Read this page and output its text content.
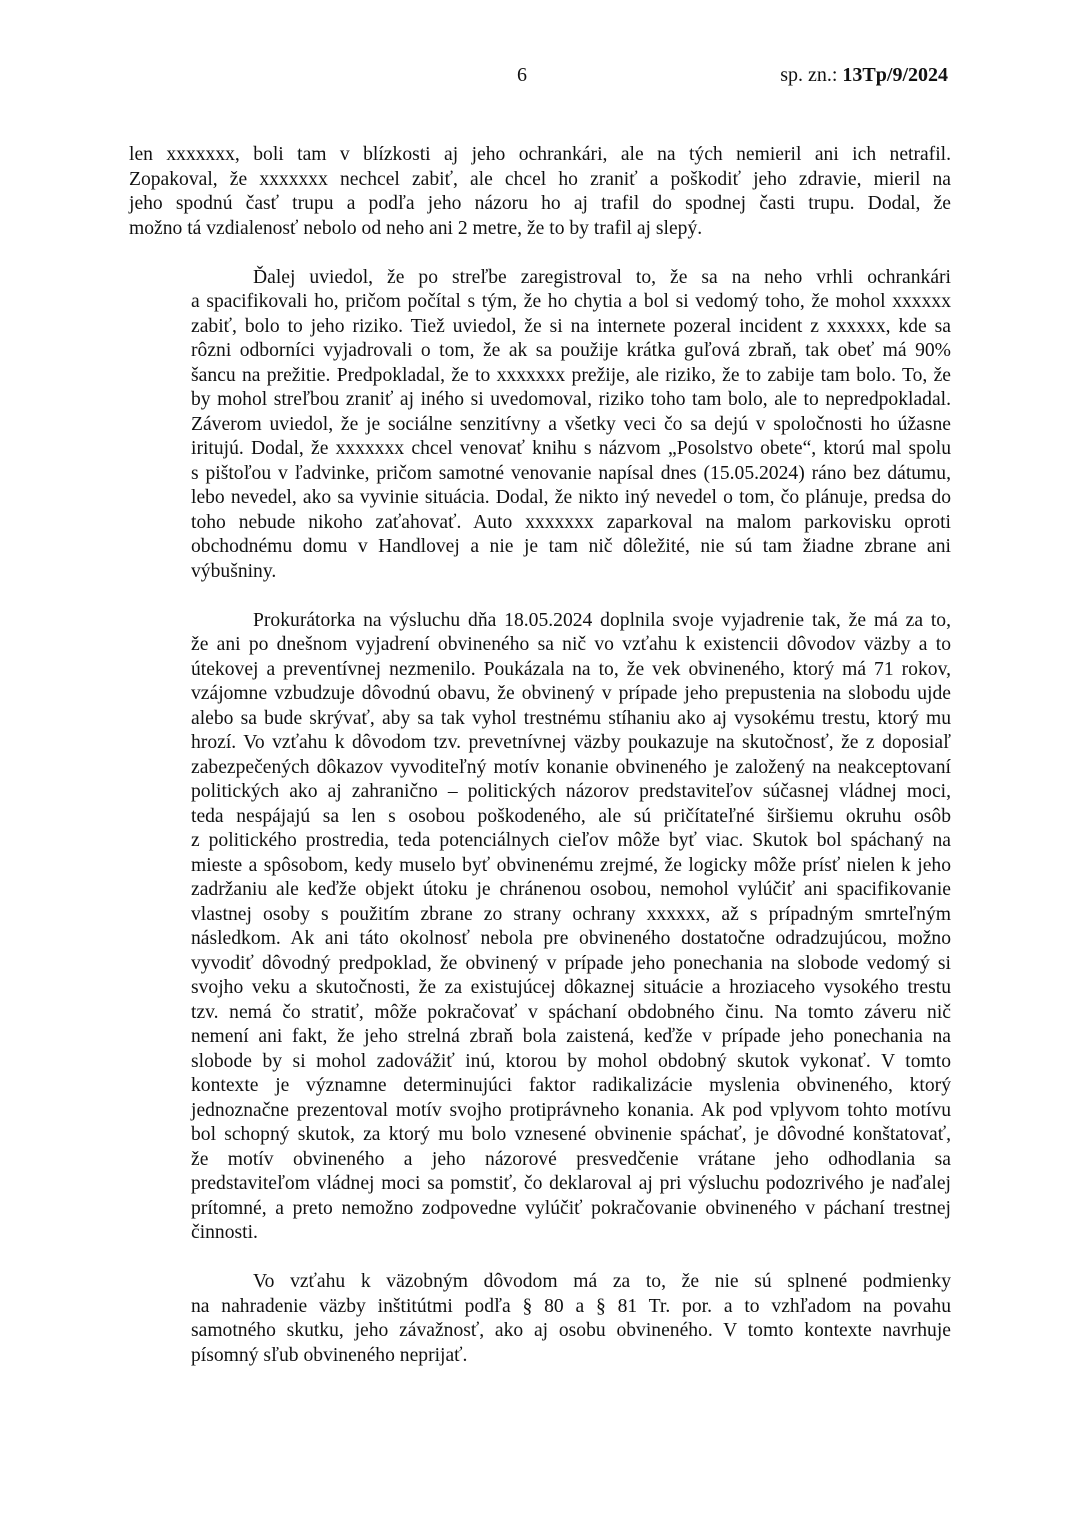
6	sp. zn.: 13Tp/9/2024
len xxxxxxx, boli tam v blízkosti aj jeho ochrankári, ale na tých nemieril ani ich netrafil.
Zopakoval, že xxxxxxx nechcel zabiť, ale chcel ho zraniť a poškodiť jeho zdravie, mieril na
jeho spodnú časť trupu a podľa jeho názoru ho aj trafil do spodnej časti trupu. Dodal, že
možno tá vzdialenosť nebolo od neho ani 2 metre, že to by trafil aj slepý.
Ďalej uviedol, že po streľbe zaregistroval to, že sa na neho vrhli ochrankári
a spacifikovali ho, pričom počítal s tým, že ho chytia a bol si vedomý toho, že mohol xxxxxx
zabiť, bolo to jeho riziko. Tiež uviedol, že si na internete pozeral incident z xxxxxx, kde sa
rôzni odborníci vyjadrovali o tom, že ak sa použije krátka guľová zbraň, tak obeť má 90%
šancu na prežitie. Predpokladal, že to xxxxxxx prežije, ale riziko, že to zabije tam bolo. To, že
by mohol streľbou zraniť aj iného si uvedomoval, riziko toho tam bolo, ale to nepredpokladal.
Záverom uviedol, že je sociálne senzitívny a všetky veci čo sa dejú v spoločnosti ho úžasne
iritujú. Dodal, že xxxxxxx chcel venovať knihu s názvom „Posolstvo obete“, ktorú mal spolu
s pištoľou v ľadvinke, pričom samotné venovanie napísal dnes (15.05.2024) ráno bez dátumu,
lebo nevedel, ako sa vyvinie situácia. Dodal, že nikto iný nevedel o tom, čo plánuje, predsa do
toho nebude nikoho zaťahovať. Auto xxxxxxx zaparkoval na malom parkovisku oproti
obchodnému domu v Handlovej a nie je tam nič dôležité, nie sú tam žiadne zbrane ani
výbušniny.
Prokurátorka na výsluchu dňa 18.05.2024 doplnila svoje vyjadrenie tak, že má za to,
že ani po dnešnom vyjadrení obvineného sa nič vo vzťahu k existencii dôvodov väzby a to
útekovej a preventívnej nezmenilo. Poukázala na to, že vek obvineného, ktorý má 71 rokov,
vzájomne vzbudzuje dôvodnú obavu, že obvinený v prípade jeho prepustenia na slobodu ujde
alebo sa bude skrývať, aby sa tak vyhol trestnému stíhaniu ako aj vysokému trestu, ktorý mu
hrozí. Vo vzťahu k dôvodom tzv. prevetnívnej väzby poukazuje na skutočnosť, že z doposiaľ
zabezpečených dôkazov vyvoditeľný motív konanie obvineného je založený na neakceptovaní
politických ako aj zahraničnо – politických názorov predstaviteľov súčasnej vládnej moci,
teda nespájajú sa len s osobou poškodeného, ale sú pričítateľné širšiemu okruhu osôb
z politického prostredia, teda potenciálnych cieľov môže byť viac. Skutok bol spáchaný na
mieste a spôsobom, kedy muselo byť obvinenému zrejmé, že logicky môže prísť nielen k jeho
zadržaniu ale keďže objekt útoku je chránenou osobou, nemohol vylúčiť ani spacifikovanie
vlastnej osoby s použitím zbrane zo strany ochrany xxxxxx, až s prípadným smrteľným
následkom. Ak ani táto okolnosť nebola pre obvineného dostatočne odradzujúcou, možno
vyvodiť dôvodný predpoklad, že obvinený v prípade jeho ponechania na slobode vedomý si
svojho veku a skutočnosti, že za existujúcej dôkaznej situácie a hroziaceho vysokého trestu
tzv. nemá čo stratiť, môže pokračovať v spáchaní obdobného činu. Na tomto záveru nič
nemení ani fakt, že jeho strelná zbraň bola zaistená, keďže v prípade jeho ponechania na
slobode by si mohol zadovážiť inú, ktorou by mohol obdobný skutok vykonať. V tomto
kontexte je významne determinujúci faktor radikalizácie myslenia obvineného, ktorý
jednoznačne prezentoval motív svojho protiprávneho konania. Ak pod vplyvom tohto motívu
bol schopný skutok, za ktorý mu bolo vznesené obvinenie spáchať, je dôvodné konštatovať,
že motív obvineného a jeho názorové presvedčenie vrátane jeho odhodlania sa
predstaviteľom vládnej moci sa pomstiť, čo deklaroval aj pri výsluchu podozrivého je naďalej
prítomné, a preto nemožno zodpovedne vylúčiť pokračovanie obvineného v páchaní trestnej
činnosti.
Vo vzťahu k väzobným dôvodom má za to, že nie sú splnené podmienky
na nahradenie väzby inštitútmi podľa § 80 a § 81 Tr. por. a to vzhľadom na povahu
samotného skutku, jeho závažnosť, ako aj osobu obvineného. V tomto kontexte navrhuje
písomný sľub obvineného neprijať.
